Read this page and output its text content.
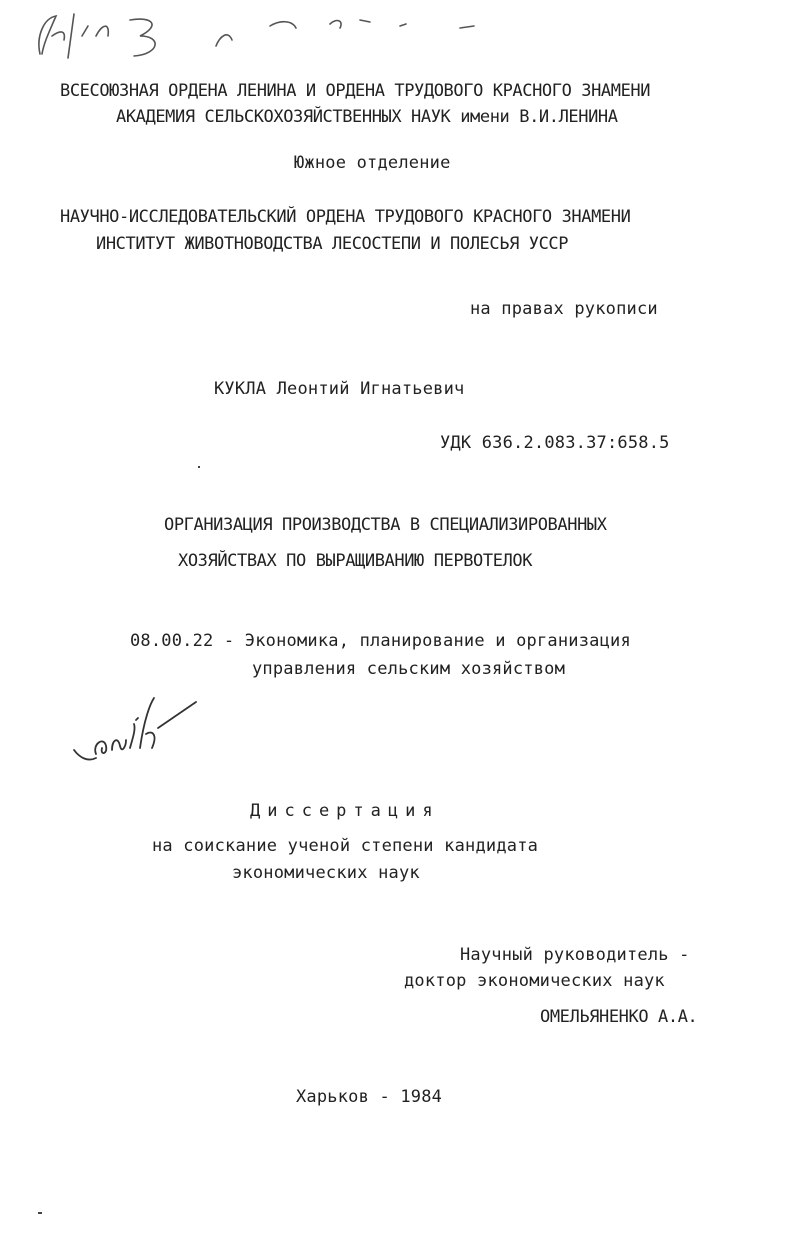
ВСЕСОЮЗНАЯ ОРДЕНА ЛЕНИНА И ОРДЕНА ТРУДОВОГО КРАСНОГО ЗНАМЕНИ
АКАДЕМИЯ СЕЛЬСКОХОЗЯЙСТВЕННЫХ НАУК имени В.И.ЛЕНИНА
Южное отделение
НАУЧНО-ИССЛЕДОВАТЕЛЬСКИЙ ОРДЕНА ТРУДОВОГО КРАСНОГО ЗНАМЕНИ
ИНСТИТУТ ЖИВОТНОВОДСТВА ЛЕСОСТЕПИ И ПОЛЕСЬЯ УССР
на правах рукописи
КУКЛА Леонтий Игнатьевич
УДК 636.2.083.37:658.5
ОРГАНИЗАЦИЯ ПРОИЗВОДСТВА В СПЕЦИАЛИЗИРОВАННЫХ
ХОЗЯЙСТВАХ ПО ВЫРАЩИВАНИЮ ПЕРВОТЕЛОК
08.00.22 - Экономика, планирование и организация
управления сельским хозяйством
Диссертация
на соискание ученой степени кандидата
экономических наук
Научный руководитель -
доктор экономических наук
ОМЕЛЬЯНЕНКО А.А.
Харьков - 1984
